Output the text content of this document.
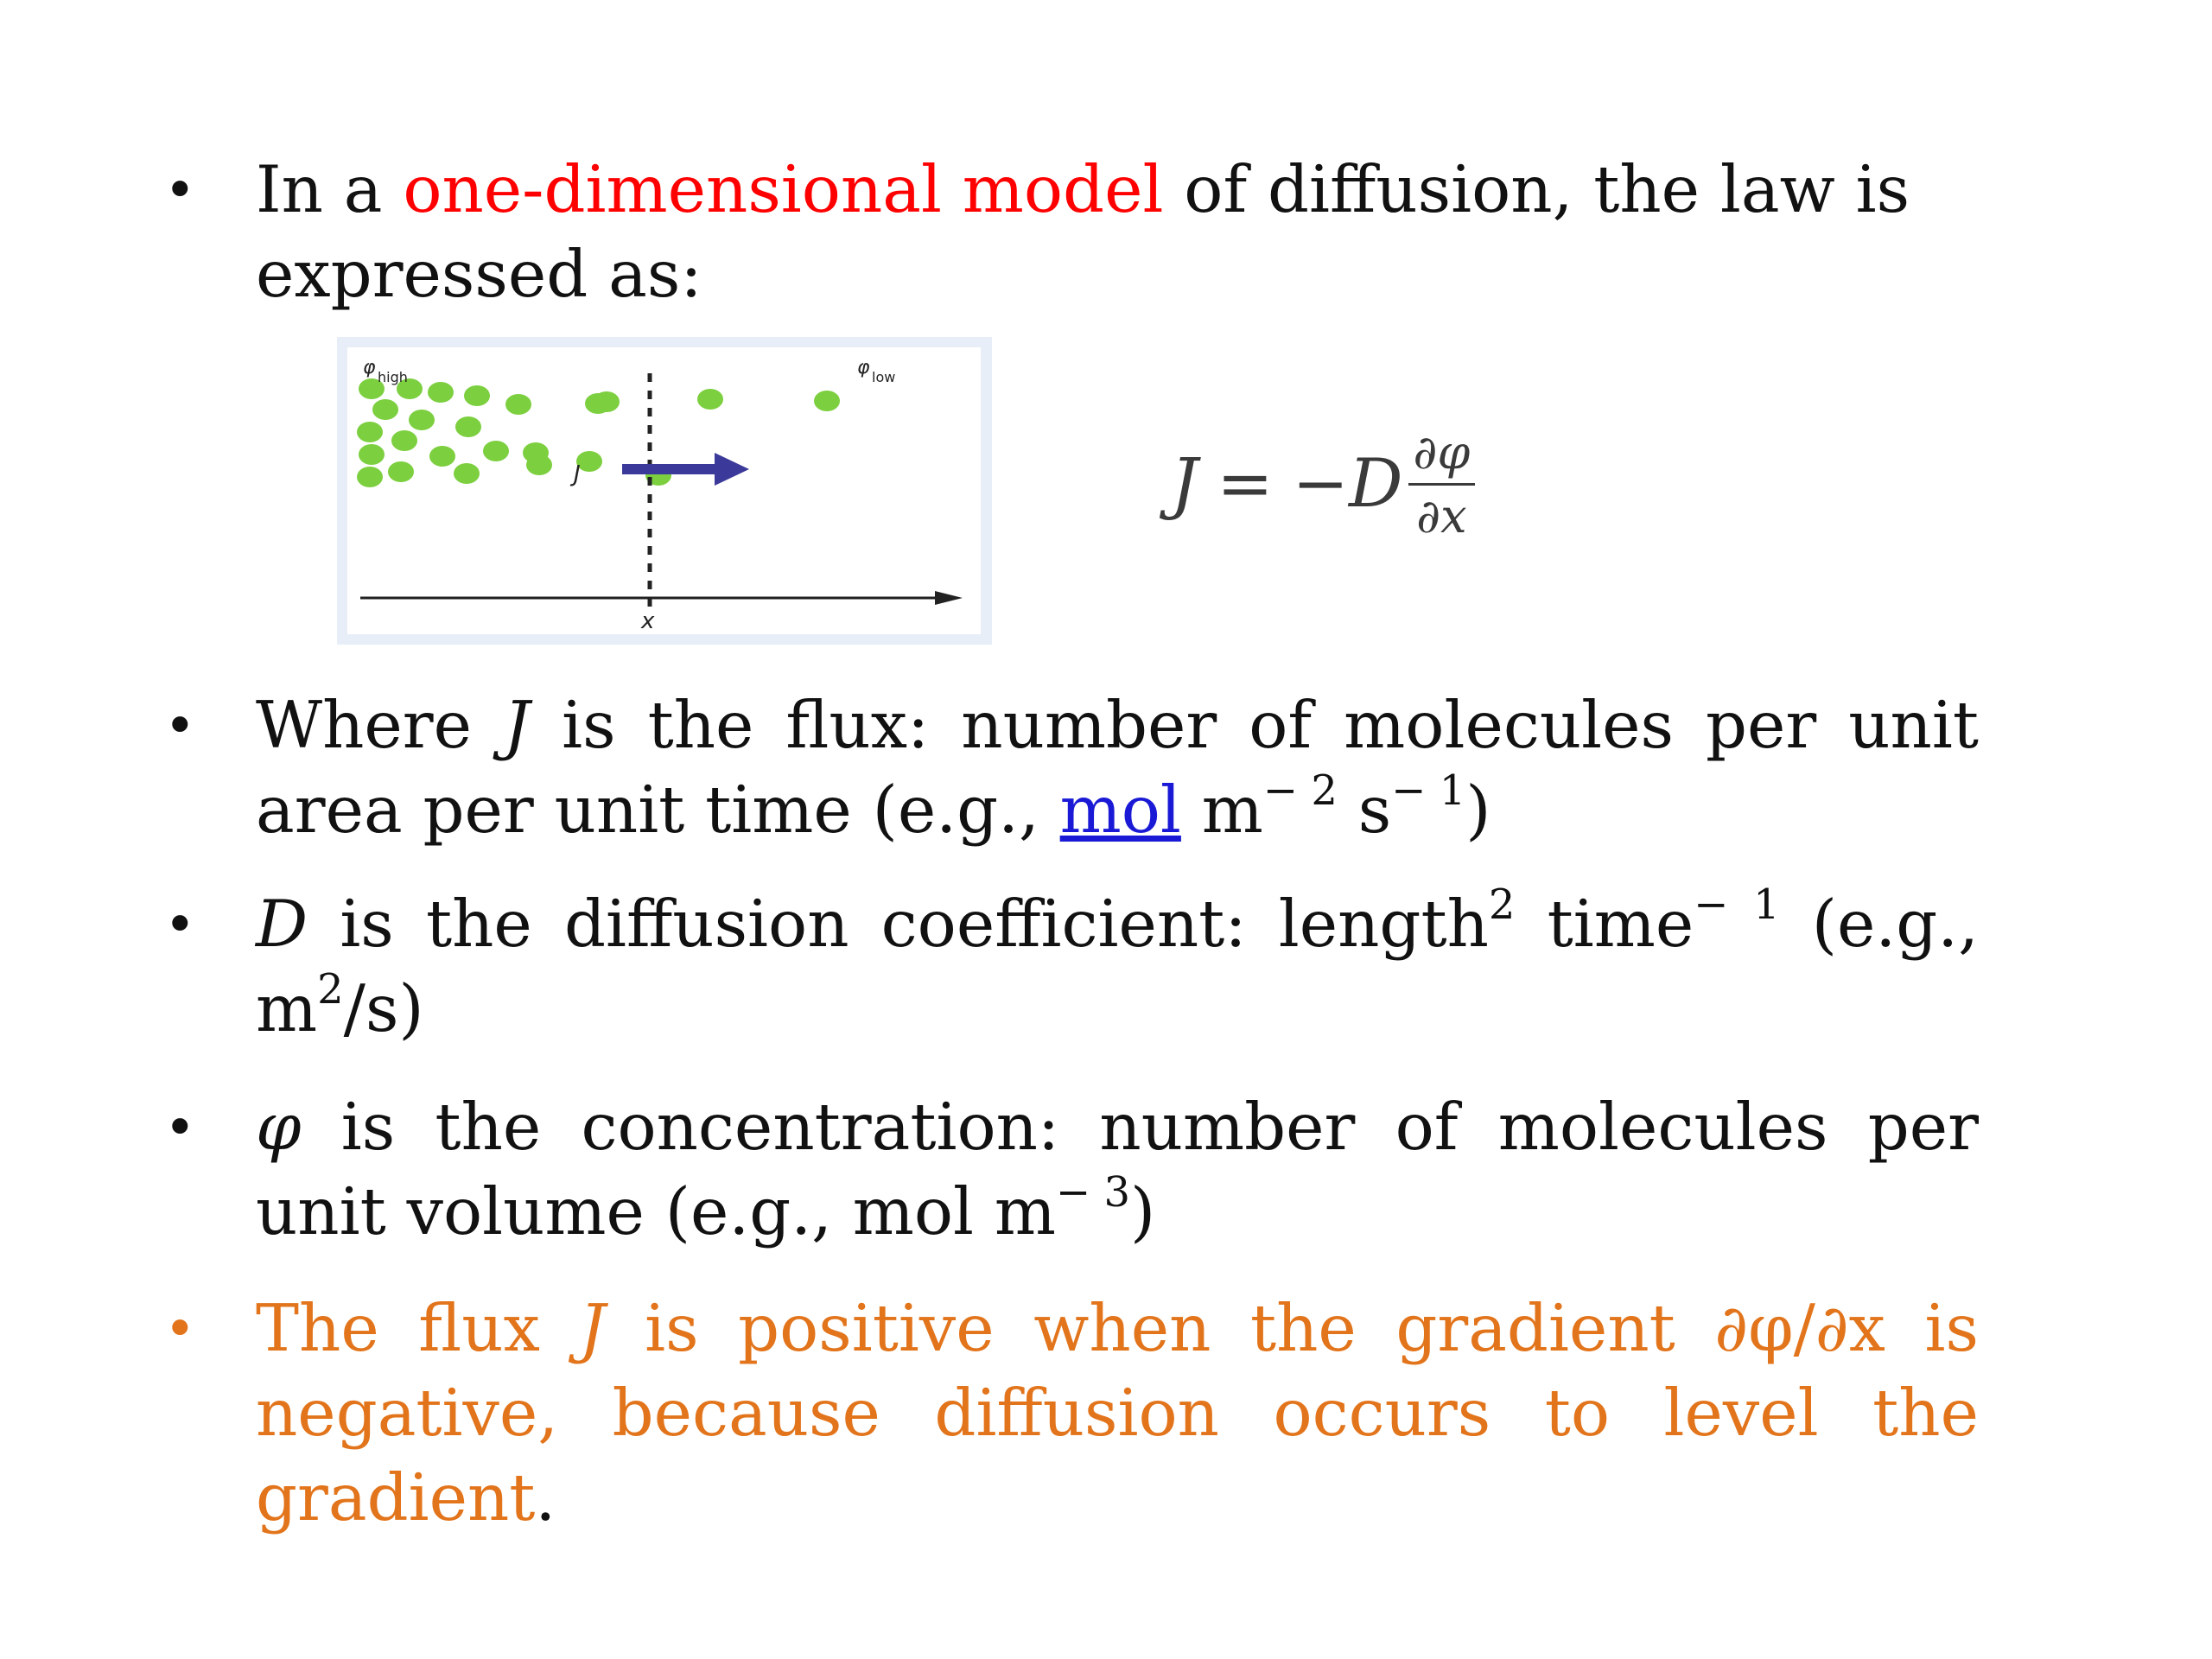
• In a one-dimensional model of diffusion, the law is expressed as:
φ high	φ low
J
x
J = − D $\frac{\partial\varphi}{\partial x}$
• Where J is the flux: number of molecules per unit area per unit time (e.g., mol $m^{- 2}$ $s^{- 1}$)
• D is the diffusion coefficient: length$^2$ time$^{- 1}$ (e.g., $m^2/s$)
• φ is the concentration: number of molecules per unit volume (e.g., mol $m^{- 3}$)
• The flux J is positive when the gradient ∂φ/∂x is negative, because diffusion occurs to level the gradient.
